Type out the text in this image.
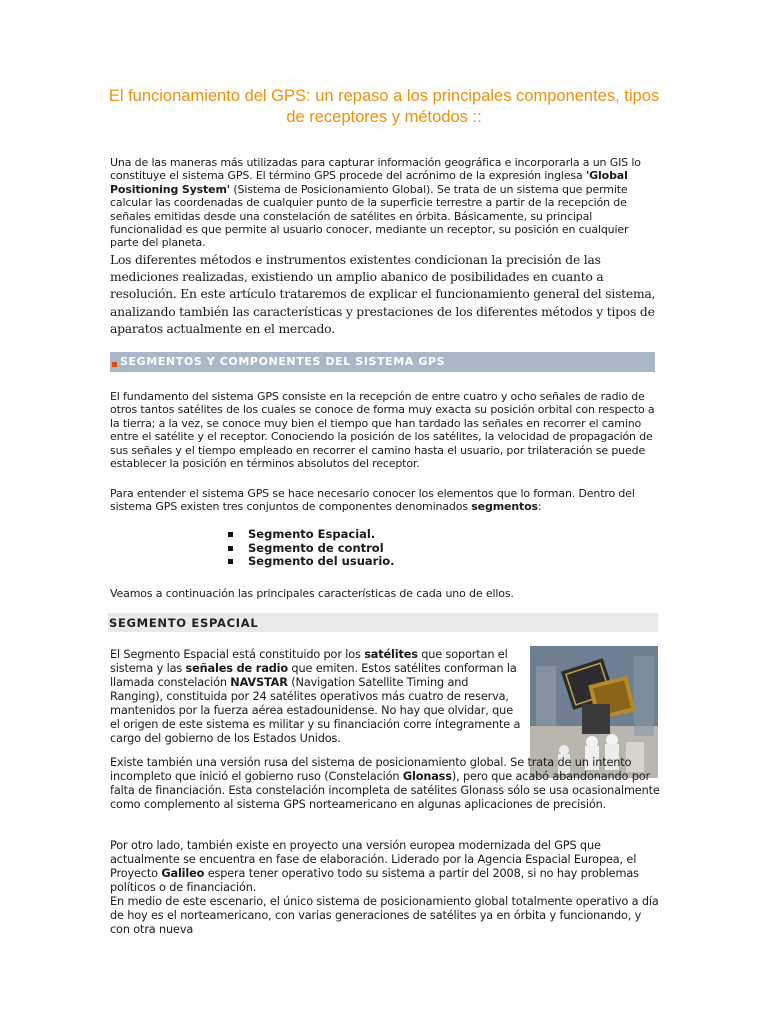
El funcionamiento del GPS: un repaso a los principales componentes, tipos de receptores y métodos ::
Una de las maneras más utilizadas para capturar información geográfica e incorporarla a un GIS lo constituye el sistema GPS. El término GPS procede del acrónimo de la expresión inglesa 'Global Positioning System' (Sistema de Posicionamiento Global). Se trata de un sistema que permite calcular las coordenadas de cualquier punto de la superficie terrestre a partir de la recepción de señales emitidas desde una constelación de satélites en órbita. Básicamente, su principal funcionalidad es que permite al usuario conocer, mediante un receptor, su posición en cualquier parte del planeta.
Los diferentes métodos e instrumentos existentes condicionan la precisión de las mediciones realizadas, existiendo un amplio abanico de posibilidades en cuanto a resolución. En este artículo trataremos de explicar el funcionamiento general del sistema, analizando también las características y prestaciones de los diferentes métodos y tipos de aparatos actualmente en el mercado.
SEGMENTOS Y COMPONENTES DEL SISTEMA GPS
El fundamento del sistema GPS consiste en la recepción de entre cuatro y ocho señales de radio de otros tantos satélites de los cuales se conoce de forma muy exacta su posición orbital con respecto a la tierra; a la vez, se conoce muy bien el tiempo que han tardado las señales en recorrer el camino entre el satélite y el receptor. Conociendo la posición de los satélites, la velocidad de propagación de sus señales y el tiempo empleado en recorrer el camino hasta el usuario, por trilateración se puede establecer la posición en términos absolutos del receptor.
Para entender el sistema GPS se hace necesario conocer los elementos que lo forman. Dentro del sistema GPS existen tres conjuntos de componentes denominados segmentos:
Segmento Espacial.
Segmento de control
Segmento del usuario.
Veamos a continuación las principales características de cada uno de ellos.
SEGMENTO ESPACIAL
El Segmento Espacial está constituido por los satélites que soportan el sistema y las señales de radio que emiten. Estos satélites conforman la llamada constelación NAVSTAR (Navigation Satellite Timing and Ranging), constituida por 24 satélites operativos más cuatro de reserva, mantenidos por la fuerza aérea estadounidense. No hay que olvidar, que el origen de este sistema es militar y su financiación corre íntegramente a cargo del gobierno de los Estados Unidos.
Existe también una versión rusa del sistema de posicionamiento global. Se trata de un intento incompleto que inició el gobierno ruso (Constelación Glonass), pero que acabó abandonando por falta de financiación. Esta constelación incompleta de satélites Glonass sólo se usa ocasionalmente como complemento al sistema GPS norteamericano en algunas aplicaciones de precisión.
Por otro lado, también existe en proyecto una versión europea modernizada del GPS que actualmente se encuentra en fase de elaboración. Liderado por la Agencia Espacial Europea, el Proyecto Galileo espera tener operativo todo su sistema a partir del 2008, si no hay problemas políticos o de financiación.
En medio de este escenario, el único sistema de posicionamiento global totalmente operativo a día de hoy es el norteamericano, con varias generaciones de satélites ya en órbita y funcionando, y con otra nueva
